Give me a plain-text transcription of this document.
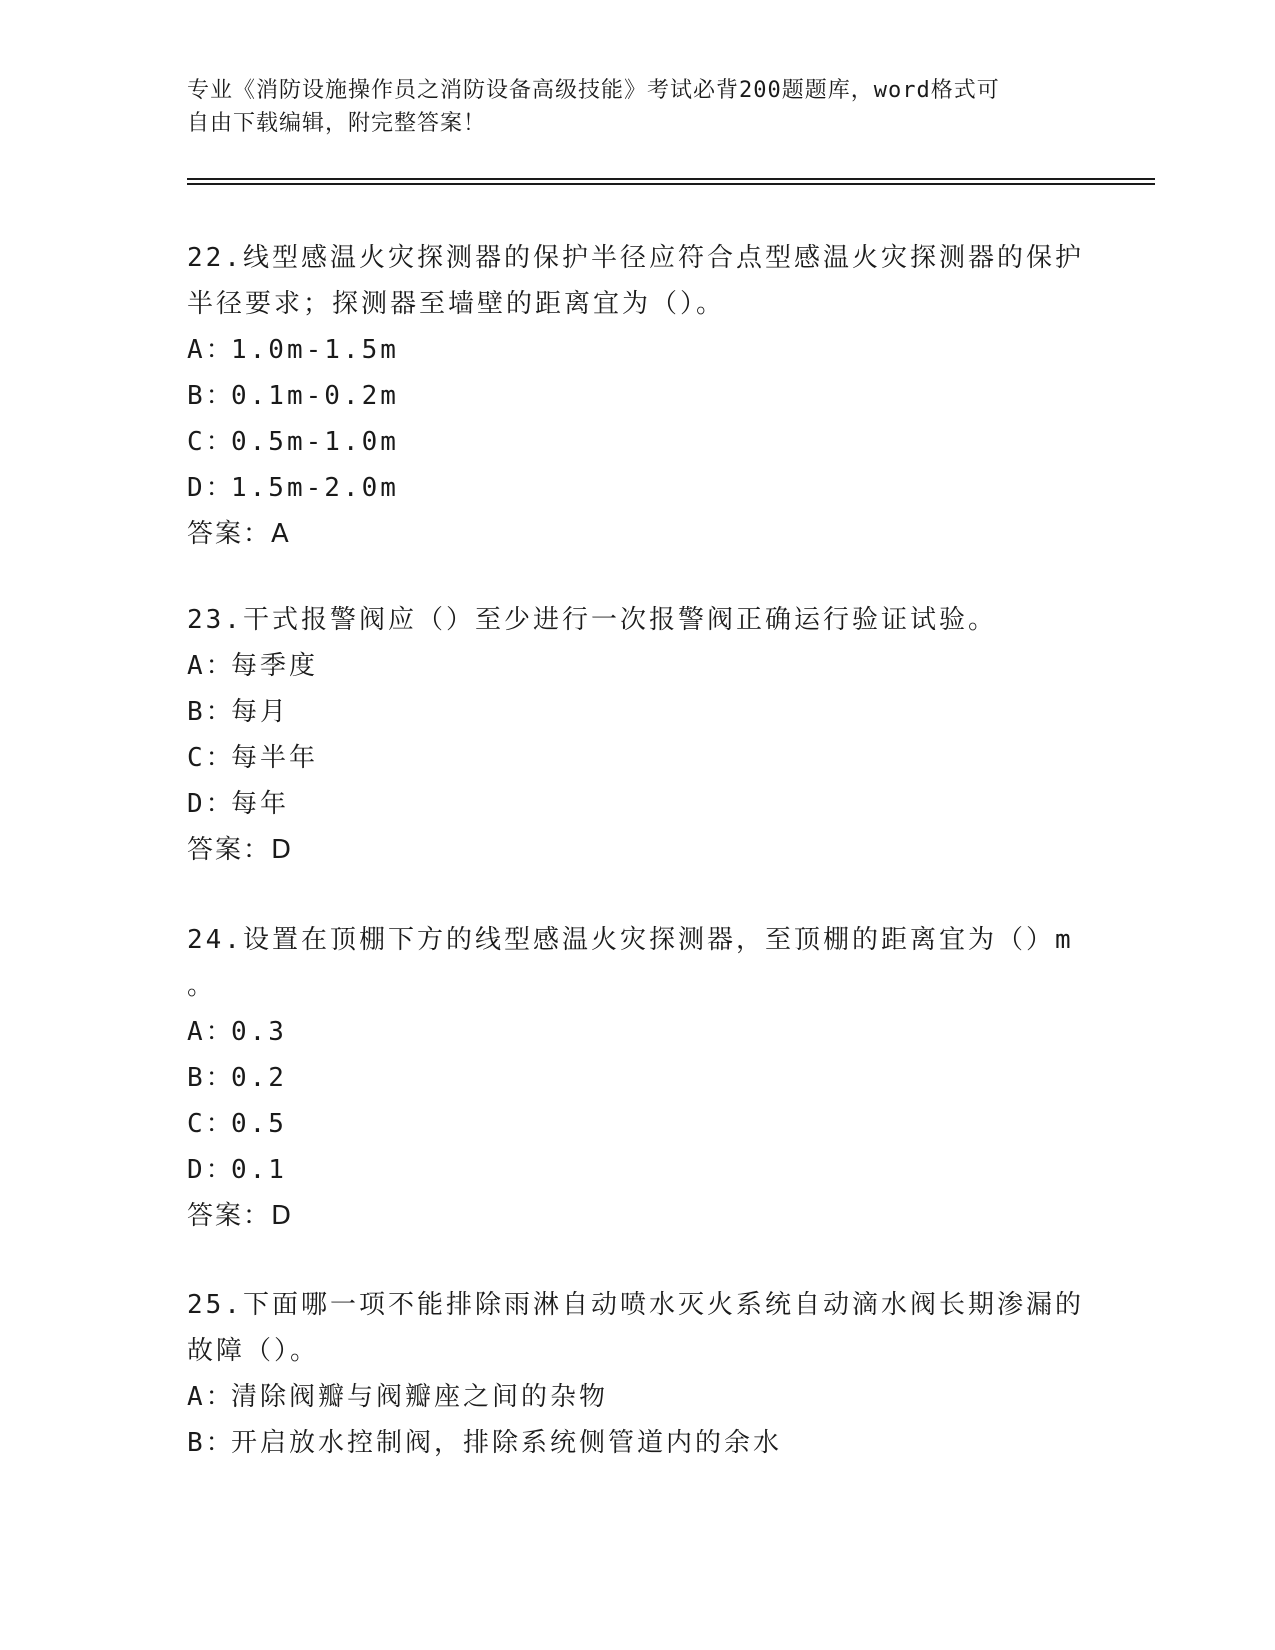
专业《消防设施操作员之消防设备高级技能》考试必背200题题库，word格式可
自由下载编辑，附完整答案！
22.线型感温火灾探测器的保护半径应符合点型感温火灾探测器的保护
半径要求；探测器至墙壁的距离宜为（）。
A：1.0m-1.5m
B：0.1m-0.2m
C：0.5m-1.0m
D：1.5m-2.0m
答案：A
23.干式报警阀应（）至少进行一次报警阀正确运行验证试验。
A：每季度
B：每月
C：每半年
D：每年
答案：D
24.设置在顶棚下方的线型感温火灾探测器，至顶棚的距离宜为（）m
。
A：0.3
B：0.2
C：0.5
D：0.1
答案：D
25.下面哪一项不能排除雨淋自动喷水灭火系统自动滴水阀长期渗漏的
故障（）。
A：清除阀瓣与阀瓣座之间的杂物
B：开启放水控制阀，排除系统侧管道内的余水
